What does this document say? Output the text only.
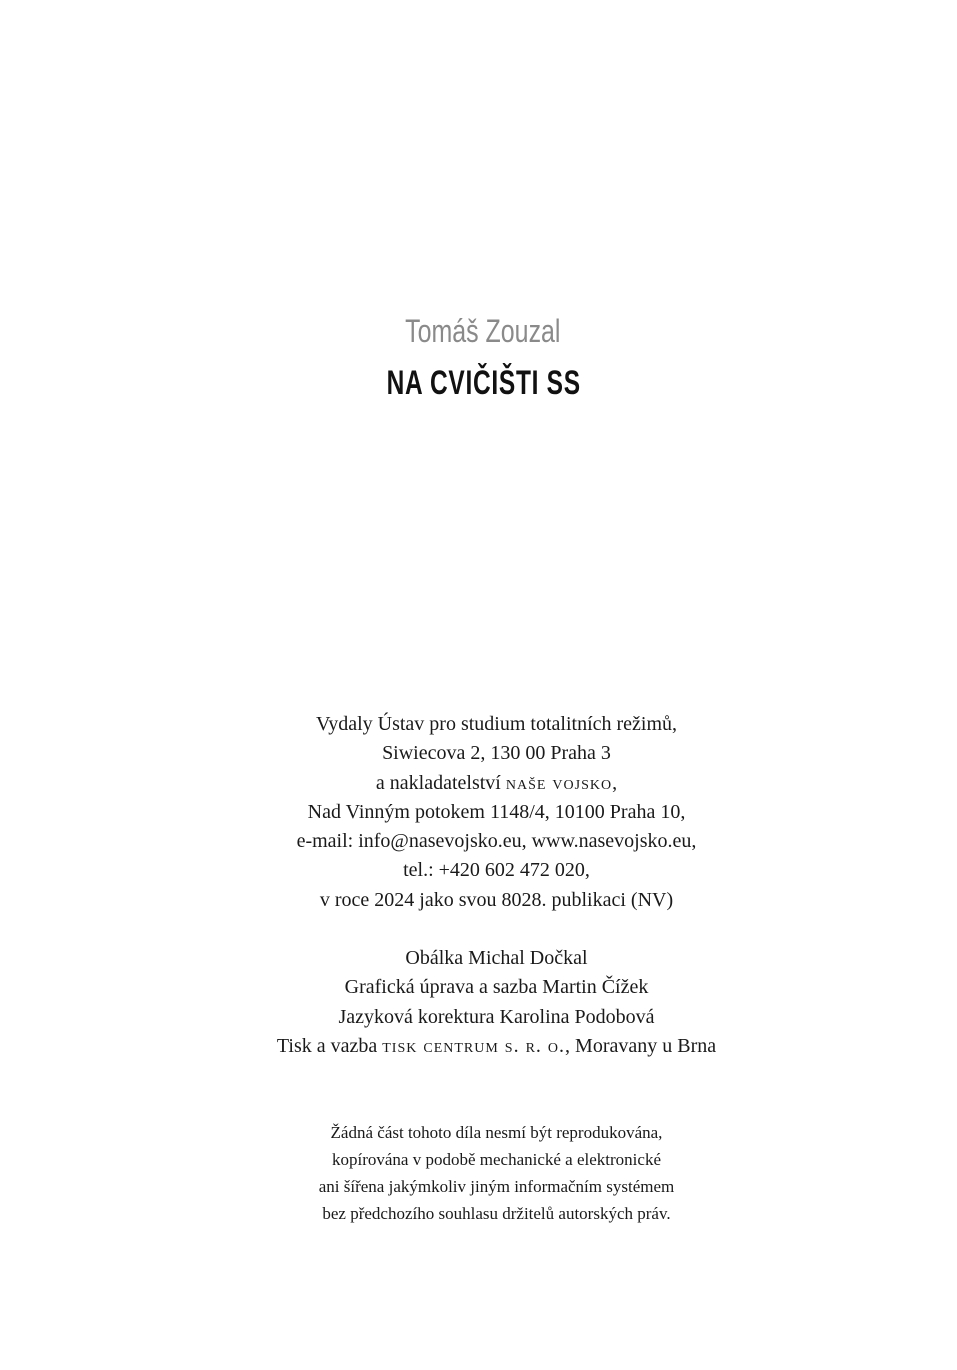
Tomáš Zouzal
NA CVIČIŠTI SS
Vydaly Ústav pro studium totalitních režimů,
Siwiecova 2, 130 00 Praha 3
a nakladatelství naše vojsko,
Nad Vinným potokem 1148/4, 10100 Praha 10,
e-mail: info@nasevojsko.eu, www.nasevojsko.eu,
tel.: +420 602 472 020,
v roce 2024 jako svou 8028. publikaci (NV)
Obálka Michal Dočkal
Grafická úprava a sazba Martin Čížek
Jazyková korektura Karolina Podobová
Tisk a vazba tisk centrum s. r. o., Moravany u Brna
Žádná část tohoto díla nesmí být reprodukována,
kopírována v podobě mechanické a elektronické
ani šířena jakýmkoliv jiným informačním systémem
bez předchozího souhlasu držitelů autorských práv.
